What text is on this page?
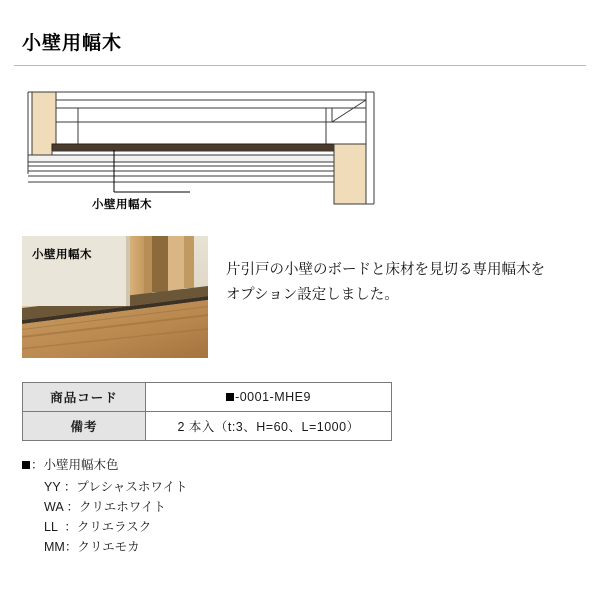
小壁用幅木
小壁用幅木
小壁用幅木
片引戸の小壁のボードと床材を見切る専用幅木を
オプション設定しました。
商品コード	-0001-MHE9
備考	2 本入（t:3、H=60、L=1000）
：小壁用幅木色
YY ：プレシャスホワイト
WA ：クリエホワイト
LL  ：クリエラスク
MM：クリエモカ
